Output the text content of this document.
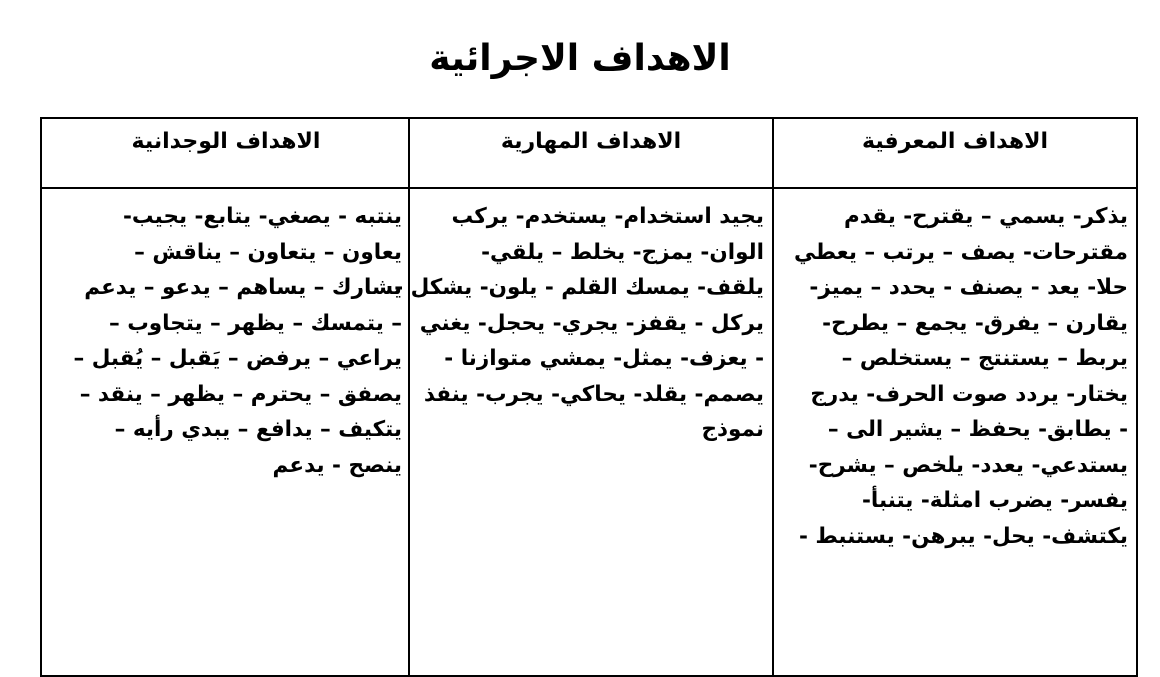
الاهداف الاجرائية
الاهداف المعرفية
الاهداف المهارية
الاهداف الوجدانية
يذكر- يسمي – يقترح- يقدم
مقترحات- يصف – يرتب – يعطي
حلا- يعد - يصنف - يحدد – يميز-
يقارن – يفرق- يجمع – يطرح-
يربط – يستنتج – يستخلص –
يختار- يردد صوت الحرف- يدرج
- يطابق- يحفظ – يشير الى –
يستدعي- يعدد- يلخص – يشرح-
يفسر- يضرب امثلة- يتنبأ-
يكتشف- يحل- يبرهن- يستنبط -
يجيد استخدام- يستخدم- يركب
الوان- يمزج- يخلط – يلقي-
يلقف- يمسك القلم - يلون- يشكل -
يركل - يقفز- يجري- يحجل- يغني
- يعزف- يمثل- يمشي متوازنا -
يصمم- يقلد- يحاكي- يجرب- ينفذ
نموذج
ينتبه - يصغي- يتابع- يجيب-
يعاون – يتعاون – يناقش –
يشارك – يساهم – يدعو – يدعم
– يتمسك – يظهر – يتجاوب –
يراعي – يرفض – يَقبل – يُقبل –
يصفق – يحترم – يظهر – ينقد –
يتكيف – يدافع – يبدي رأيه –
ينصح - يدعم
